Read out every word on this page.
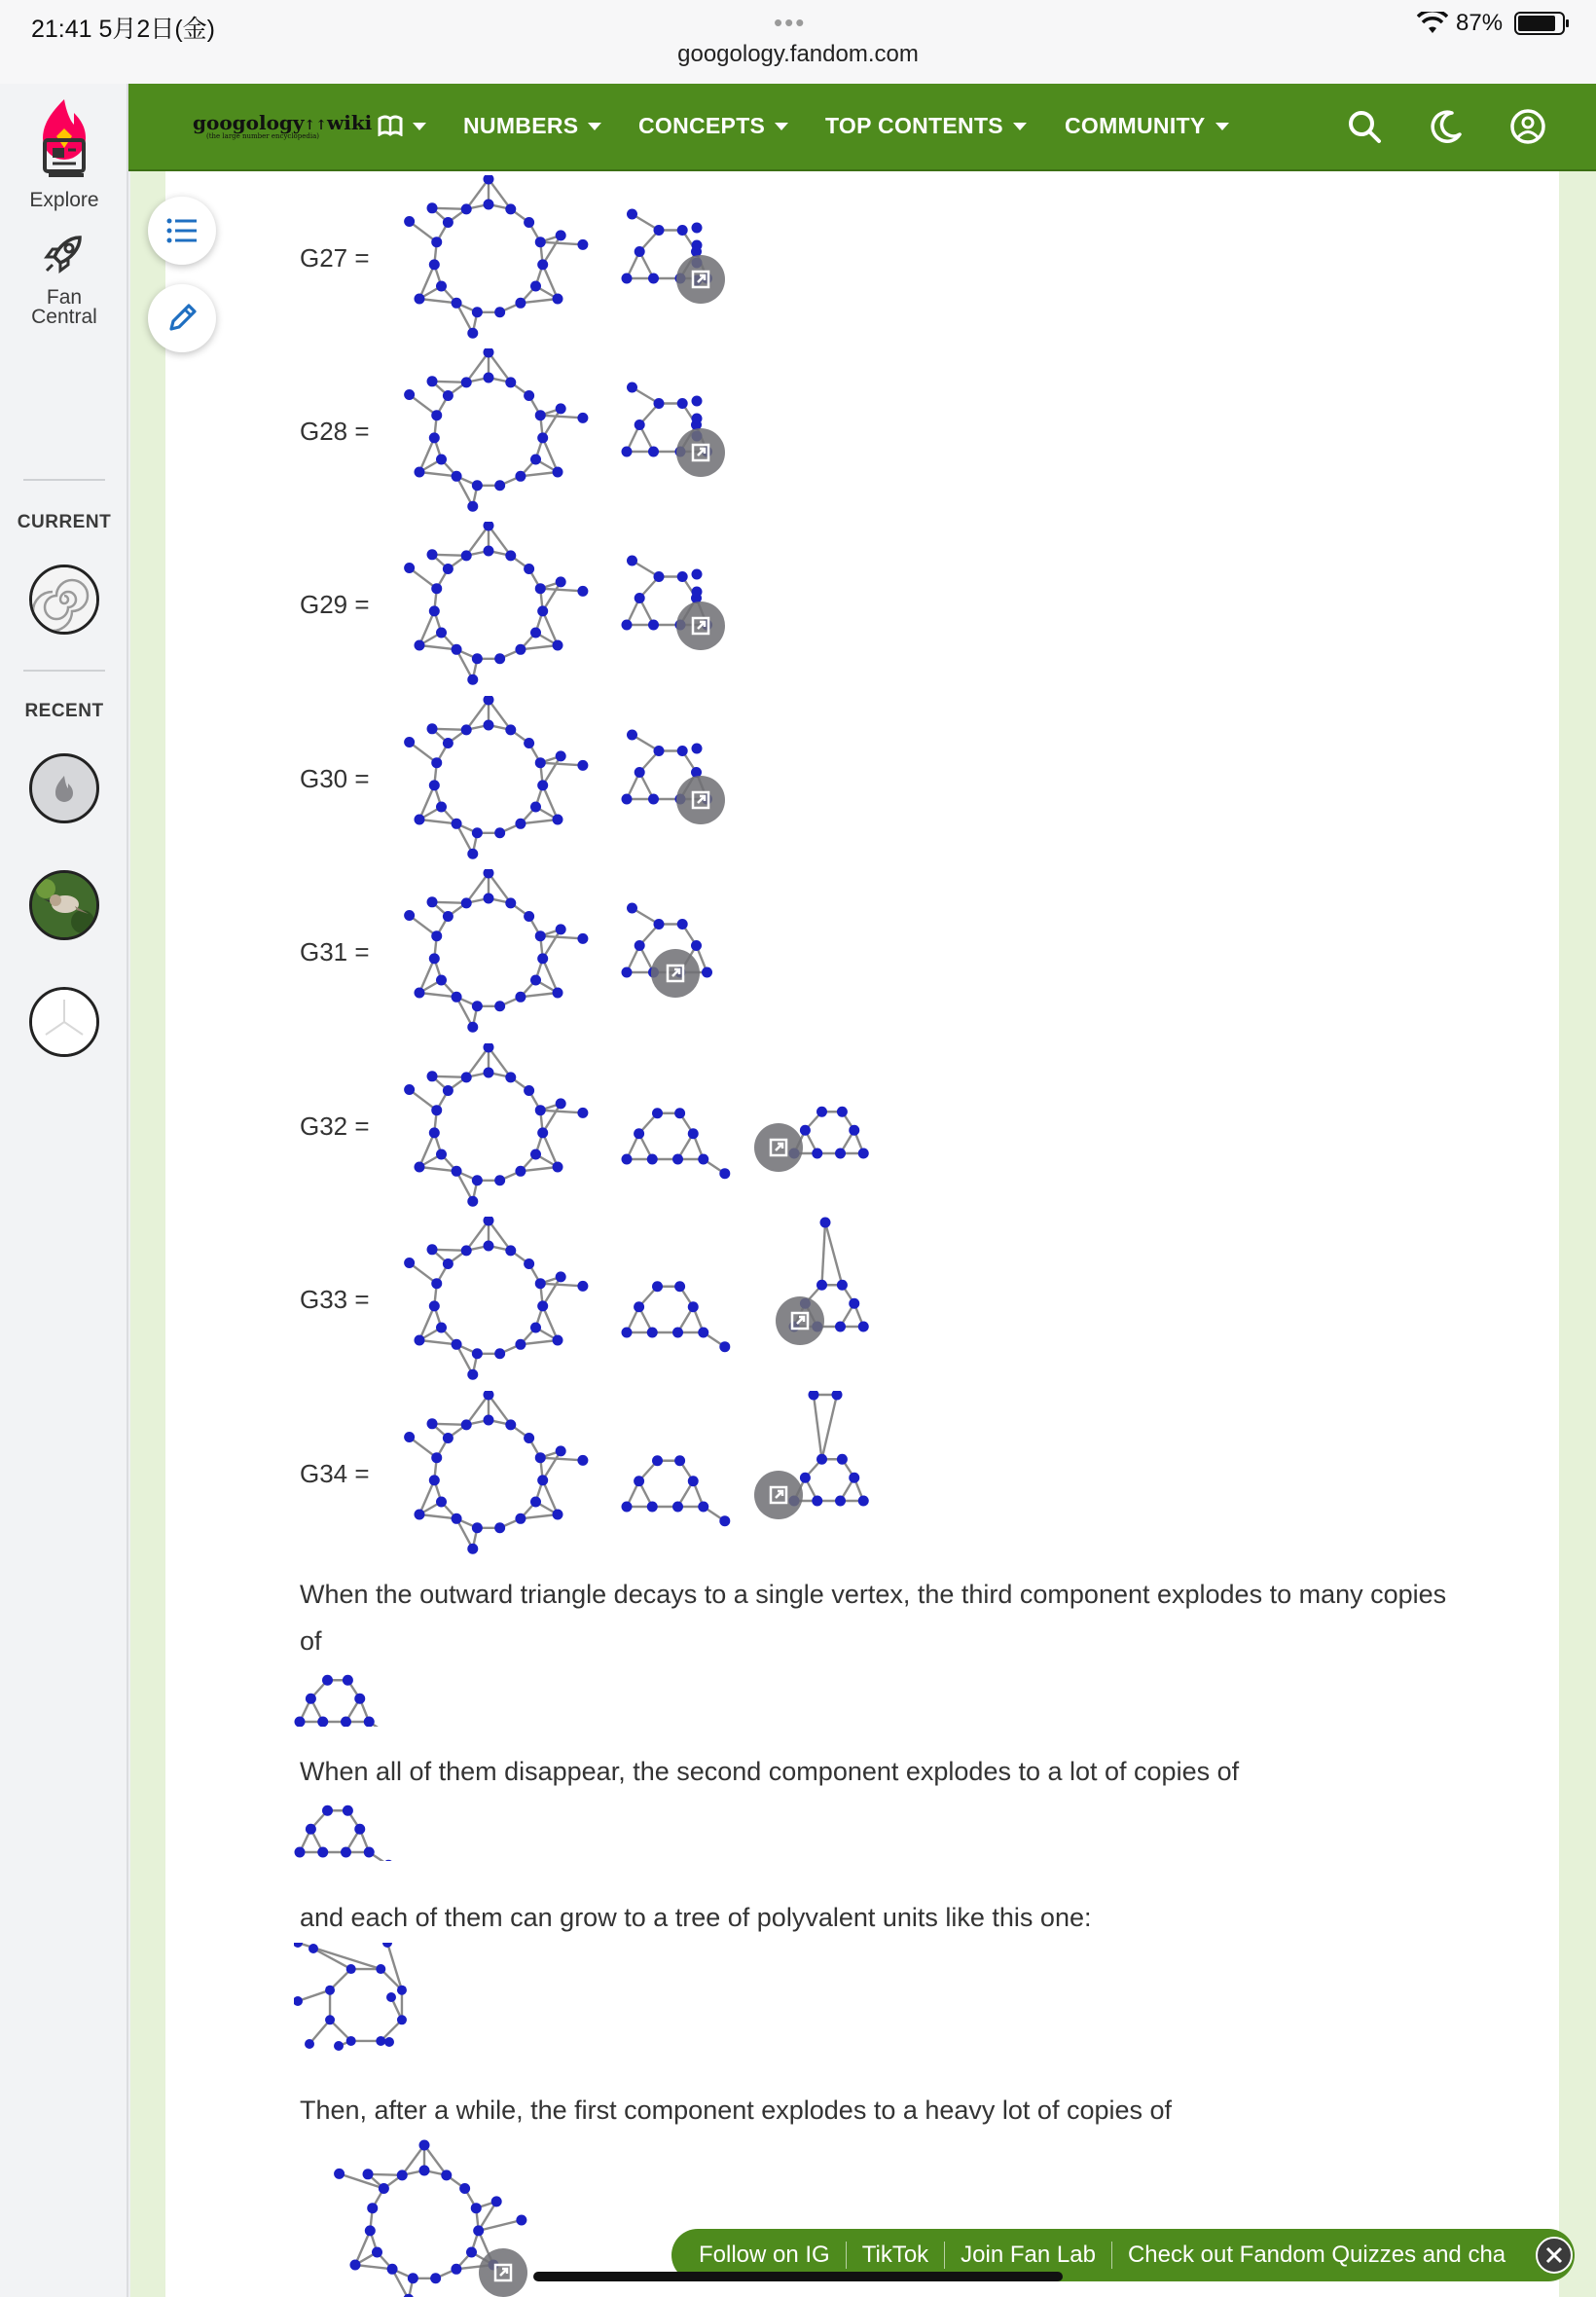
21:41 5月2日(金)	•••
googology.fandom.com
87%
Explore
Fan Central
CURRENT
RECENT
googology↑↑wiki
(the large number encyclopedia)	NUMBERS	CONCEPTS	TOP CONTENTS	COMMUNITY
G27 =
G28 =
G29 =
G30 =
G31 =
G32 =
G33 =
G34 =
When the outward triangle decays to a single vertex, the third component explodes to many copies of
When all of them disappear, the second component explodes to a lot of copies of
and each of them can grow to a tree of polyvalent units like this one:
Then, after a while, the first component explodes to a heavy lot of copies of
Follow on IG	TikTok	Join Fan Lab	Check out Fandom Quizzes and cha
